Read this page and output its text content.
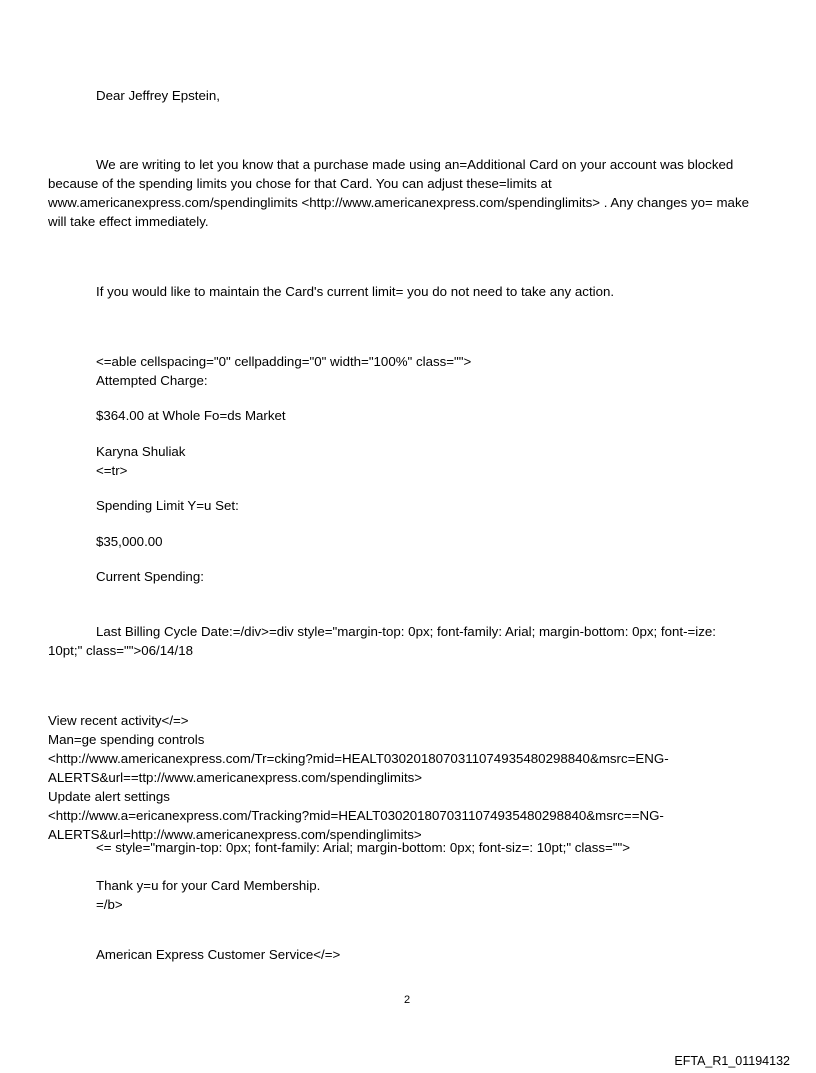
Dear Jeffrey Epstein,
We are writing to let you know that a purchase made using an=Additional Card on your account was blocked
because of the spending limits you chose for that Card. You can adjust these=limits at
www.americanexpress.com/spendinglimits <http://www.americanexpress.com/spendinglimits> . Any changes yo= make
will take effect immediately.
If you would like to maintain the Card's current limit= you do not need to take any action.
<=able cellspacing="0" cellpadding="0" width="100%" class="">
Attempted Charge:
$364.00 at Whole Fo=ds Market
Karyna Shuliak
<=tr>
Spending Limit Y=u Set:
$35,000.00
Current Spending:
Last Billing Cycle Date:=/div>=div style="margin-top: 0px; font-family: Arial; margin-bottom: 0px; font-=ize:
10pt;" class="">06/14/18
View recent activity</=>
Man=ge spending controls
<http://www.americanexpress.com/Tr=cking?mid=HEALT0302018070311074935480298840&msrc=ENG-
ALERTS&url==ttp://www.americanexpress.com/spendinglimits>
Update alert settings
<http://www.a=ericanexpress.com/Tracking?mid=HEALT0302018070311074935480298840&msrc==NG-
ALERTS&url=http://www.americanexpress.com/spendinglimits>
<= style="margin-top: 0px; font-family: Arial; margin-bottom: 0px; font-siz=: 10pt;" class="">
Thank y=u for your Card Membership.
=/b>
American Express Customer Service</=>
2
EFTA_R1_01194132
